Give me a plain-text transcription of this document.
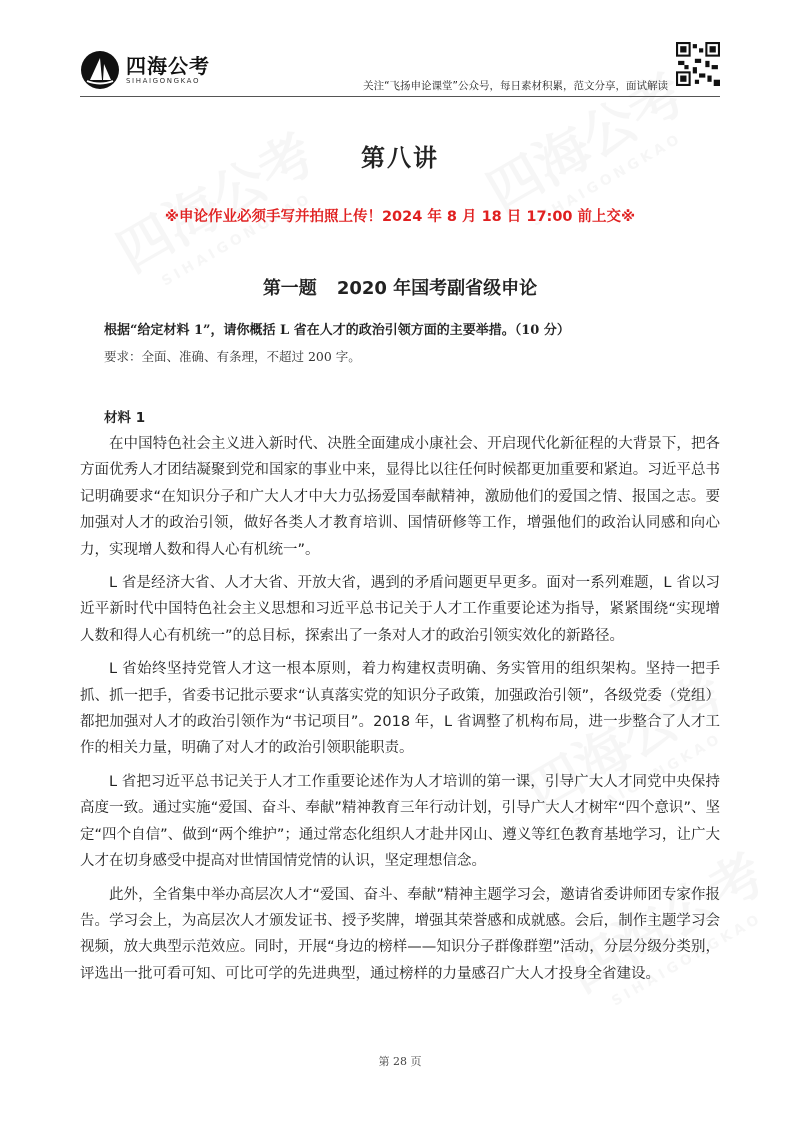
四海公考
SIHAIGONGKAO	关注“飞扬申论课堂”公众号，每日素材积累，范文分享，面试解读
第八讲
※申论作业必须手写并拍照上传！2024 年 8 月 18 日 17:00 前上交※
第一题 2020 年国考副省级申论
根据“给定材料 1”，请你概括 L 省在人才的政治引领方面的主要举措。（10 分）
要求：全面、准确、有条理，不超过 200 字。
材料 1

在中国特色社会主义进入新时代、决胜全面建成小康社会、开启现代化新征程的大背景下，把各方面优秀人才团结凝聚到党和国家的事业中来，显得比以往任何时候都更加重要和紧迫。习近平总书记明确要求“在知识分子和广大人才中大力弘扬爱国奉献精神，激励他们的爱国之情、报国之志。要加强对人才的政治引领，做好各类人才教育培训、国情研修等工作，增强他们的政治认同感和向心力，实现增人数和得人心有机统一”。

L 省是经济大省、人才大省、开放大省，遇到的矛盾问题更早更多。面对一系列难题，L 省以习近平新时代中国特色社会主义思想和习近平总书记关于人才工作重要论述为指导，紧紧围绕“实现增人数和得人心有机统一”的总目标，探索出了一条对人才的政治引领实效化的新路径。

L 省始终坚持党管人才这一根本原则，着力构建权责明确、务实管用的组织架构。坚持一把手抓、抓一把手，省委书记批示要求“认真落实党的知识分子政策，加强政治引领”，各级党委（党组）都把加强对人才的政治引领作为“书记项目”。2018 年，L 省调整了机构布局，进一步整合了人才工作的相关力量，明确了对人才的政治引领职能职责。

L 省把习近平总书记关于人才工作重要论述作为人才培训的第一课，引导广大人才同党中央保持高度一致。通过实施“爱国、奋斗、奉献”精神教育三年行动计划，引导广大人才树牢“四个意识”、坚定“四个自信”、做到“两个维护”；通过常态化组织人才赴井冈山、遵义等红色教育基地学习，让广大人才在切身感受中提高对世情国情党情的认识，坚定理想信念。

此外，全省集中举办高层次人才“爱国、奋斗、奉献”精神主题学习会，邀请省委讲师团专家作报告。学习会上，为高层次人才颁发证书、授予奖牌，增强其荣誉感和成就感。会后，制作主题学习会视频，放大典型示范效应。同时，开展“身边的榜样——知识分子群像群塑”活动，分层分级分类别，评选出一批可看可知、可比可学的先进典型，通过榜样的力量感召广大人才投身全省建设。

第 28 页
